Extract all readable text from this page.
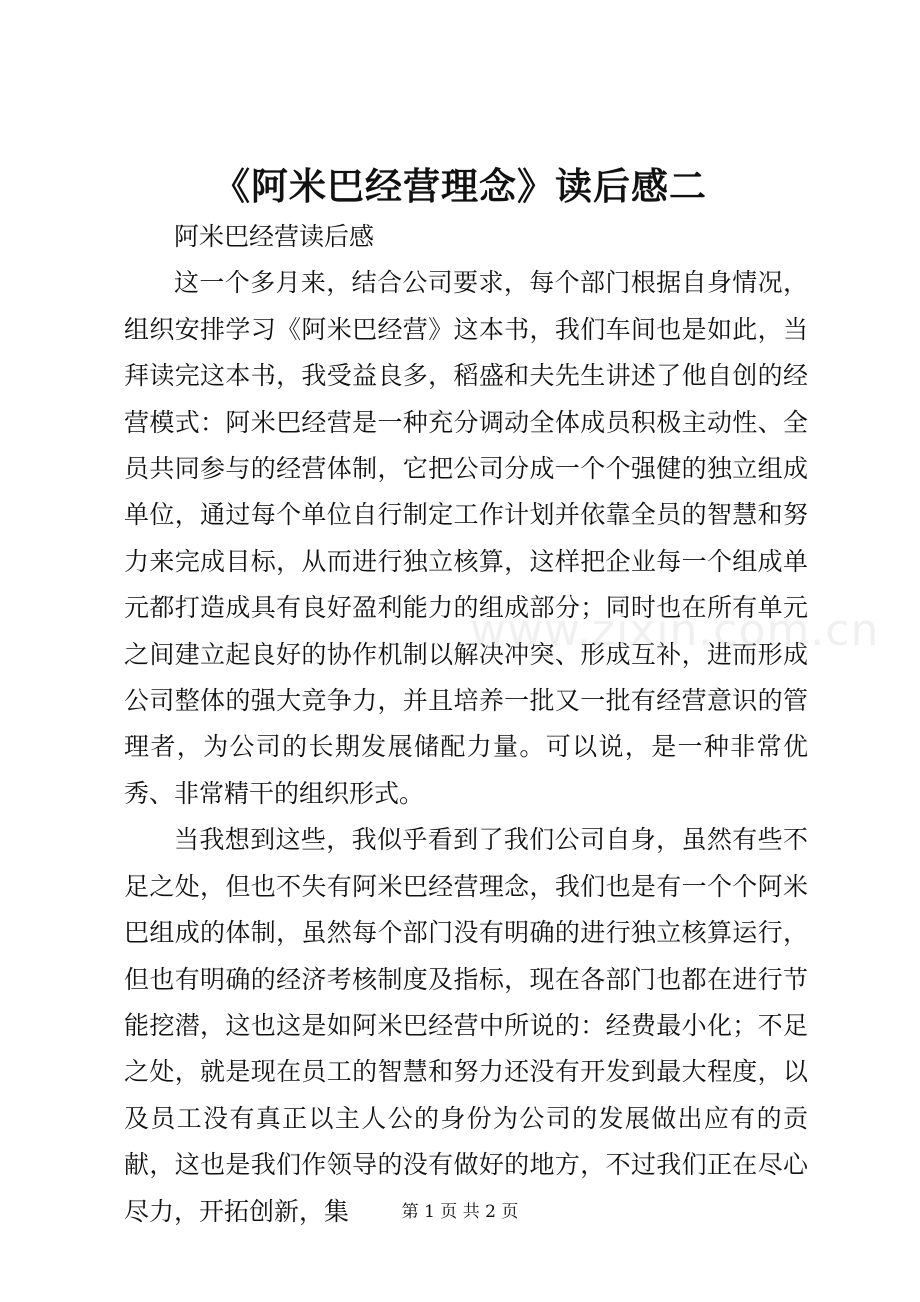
《阿米巴经营理念》读后感二

阿米巴经营读后感

这一个多月来，结合公司要求，每个部门根据自身情况，组织安排学习《阿米巴经营》这本书，我们车间也是如此，当拜读完这本书，我受益良多，稻盛和夫先生讲述了他自创的经营模式：阿米巴经营是一种充分调动全体成员积极主动性、全员共同参与的经营体制，它把公司分成一个个强健的独立组成单位，通过每个单位自行制定工作计划并依靠全员的智慧和努力来完成目标，从而进行独立核算，这样把企业每一个组成单元都打造成具有良好盈利能力的组成部分；同时也在所有单元之间建立起良好的协作机制以解决冲突、形成互补，进而形成公司整体的强大竞争力，并且培养一批又一批有经营意识的管理者，为公司的长期发展储配力量。可以说，是一种非常优秀、非常精干的组织形式。

当我想到这些，我似乎看到了我们公司自身，虽然有些不足之处，但也不失有阿米巴经营理念，我们也是有一个个阿米巴组成的体制，虽然每个部门没有明确的进行独立核算运行，但也有明确的经济考核制度及指标，现在各部门也都在进行节能挖潜，这也这是如阿米巴经营中所说的：经费最小化；不足之处，就是现在员工的智慧和努力还没有开发到最大程度，以及员工没有真正以主人公的身份为公司的发展做出应有的贡献，这也是我们作领导的没有做好的地方，不过我们正在尽心尽力，开拓创新，集

www.zixin.com.cn
第 1 页 共 2 页
